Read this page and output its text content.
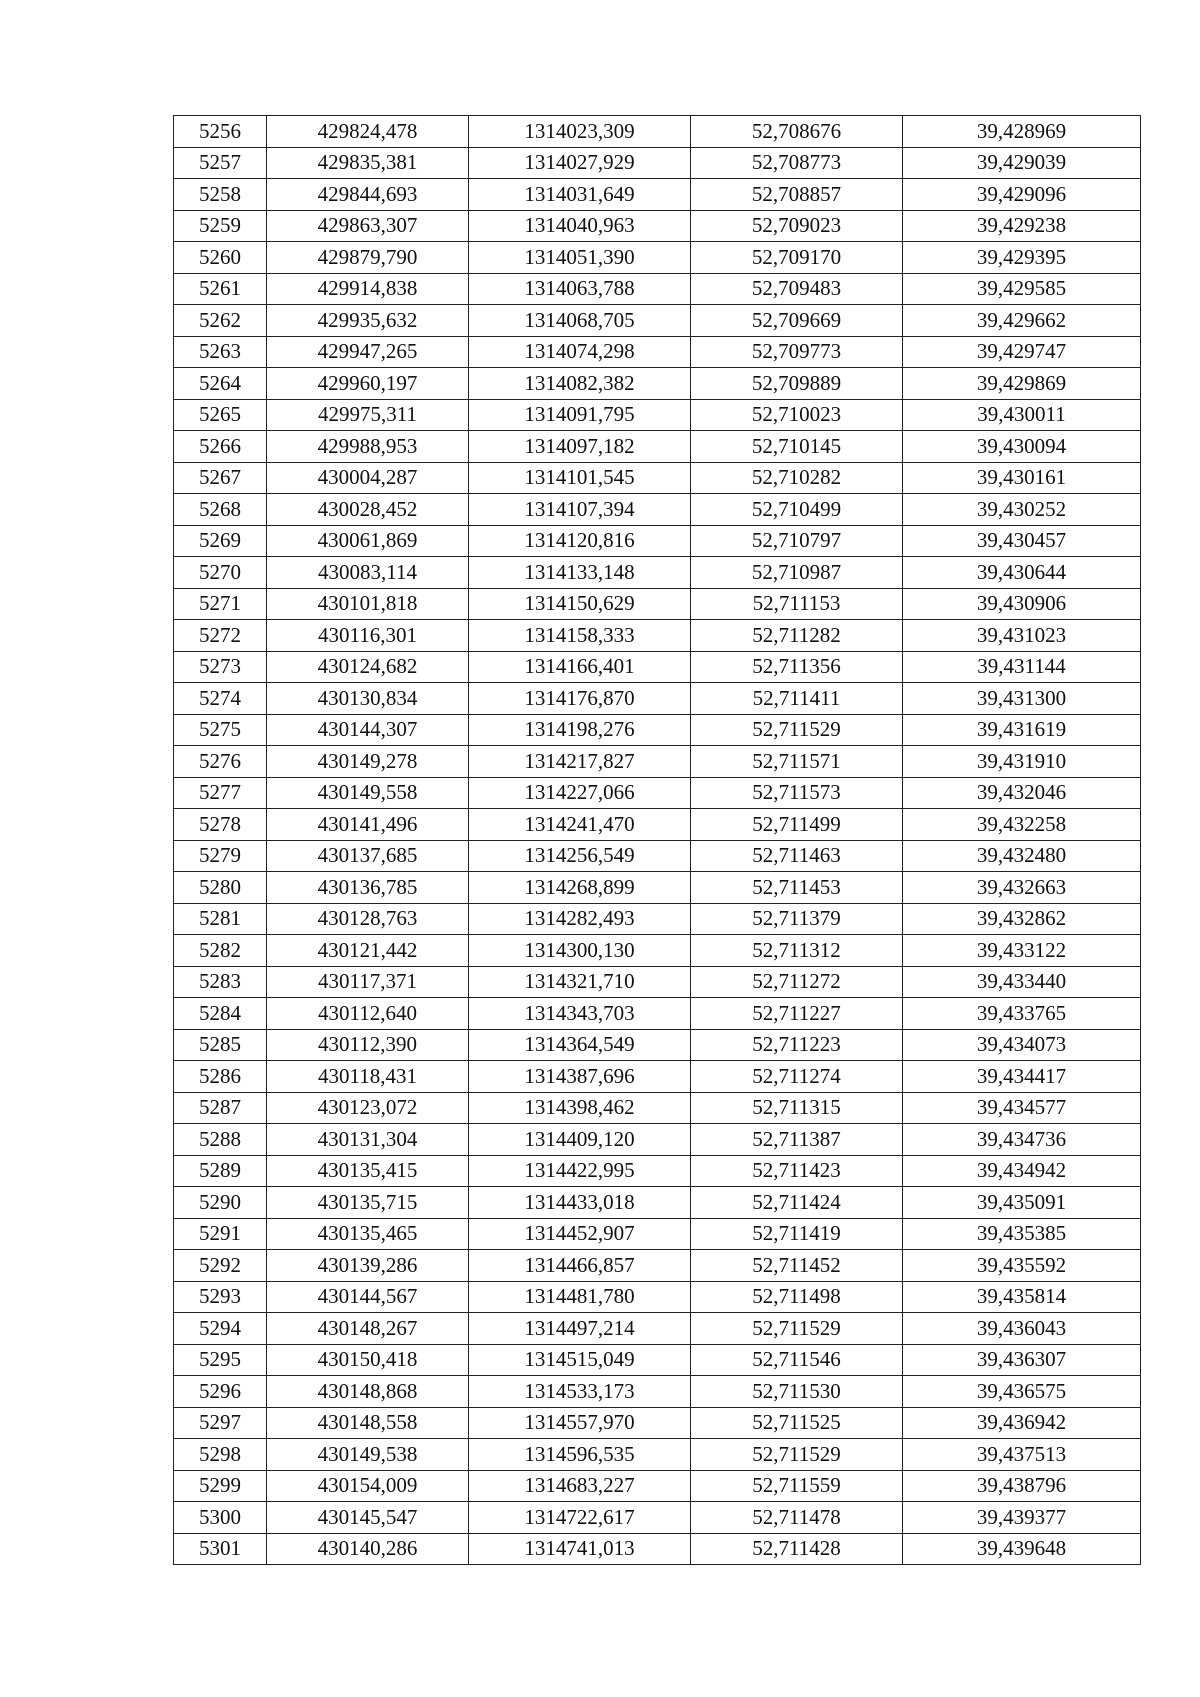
5256	429824,478	1314023,309	52,708676	39,428969
5257	429835,381	1314027,929	52,708773	39,429039
5258	429844,693	1314031,649	52,708857	39,429096
5259	429863,307	1314040,963	52,709023	39,429238
5260	429879,790	1314051,390	52,709170	39,429395
5261	429914,838	1314063,788	52,709483	39,429585
5262	429935,632	1314068,705	52,709669	39,429662
5263	429947,265	1314074,298	52,709773	39,429747
5264	429960,197	1314082,382	52,709889	39,429869
5265	429975,311	1314091,795	52,710023	39,430011
5266	429988,953	1314097,182	52,710145	39,430094
5267	430004,287	1314101,545	52,710282	39,430161
5268	430028,452	1314107,394	52,710499	39,430252
5269	430061,869	1314120,816	52,710797	39,430457
5270	430083,114	1314133,148	52,710987	39,430644
5271	430101,818	1314150,629	52,711153	39,430906
5272	430116,301	1314158,333	52,711282	39,431023
5273	430124,682	1314166,401	52,711356	39,431144
5274	430130,834	1314176,870	52,711411	39,431300
5275	430144,307	1314198,276	52,711529	39,431619
5276	430149,278	1314217,827	52,711571	39,431910
5277	430149,558	1314227,066	52,711573	39,432046
5278	430141,496	1314241,470	52,711499	39,432258
5279	430137,685	1314256,549	52,711463	39,432480
5280	430136,785	1314268,899	52,711453	39,432663
5281	430128,763	1314282,493	52,711379	39,432862
5282	430121,442	1314300,130	52,711312	39,433122
5283	430117,371	1314321,710	52,711272	39,433440
5284	430112,640	1314343,703	52,711227	39,433765
5285	430112,390	1314364,549	52,711223	39,434073
5286	430118,431	1314387,696	52,711274	39,434417
5287	430123,072	1314398,462	52,711315	39,434577
5288	430131,304	1314409,120	52,711387	39,434736
5289	430135,415	1314422,995	52,711423	39,434942
5290	430135,715	1314433,018	52,711424	39,435091
5291	430135,465	1314452,907	52,711419	39,435385
5292	430139,286	1314466,857	52,711452	39,435592
5293	430144,567	1314481,780	52,711498	39,435814
5294	430148,267	1314497,214	52,711529	39,436043
5295	430150,418	1314515,049	52,711546	39,436307
5296	430148,868	1314533,173	52,711530	39,436575
5297	430148,558	1314557,970	52,711525	39,436942
5298	430149,538	1314596,535	52,711529	39,437513
5299	430154,009	1314683,227	52,711559	39,438796
5300	430145,547	1314722,617	52,711478	39,439377
5301	430140,286	1314741,013	52,711428	39,439648
